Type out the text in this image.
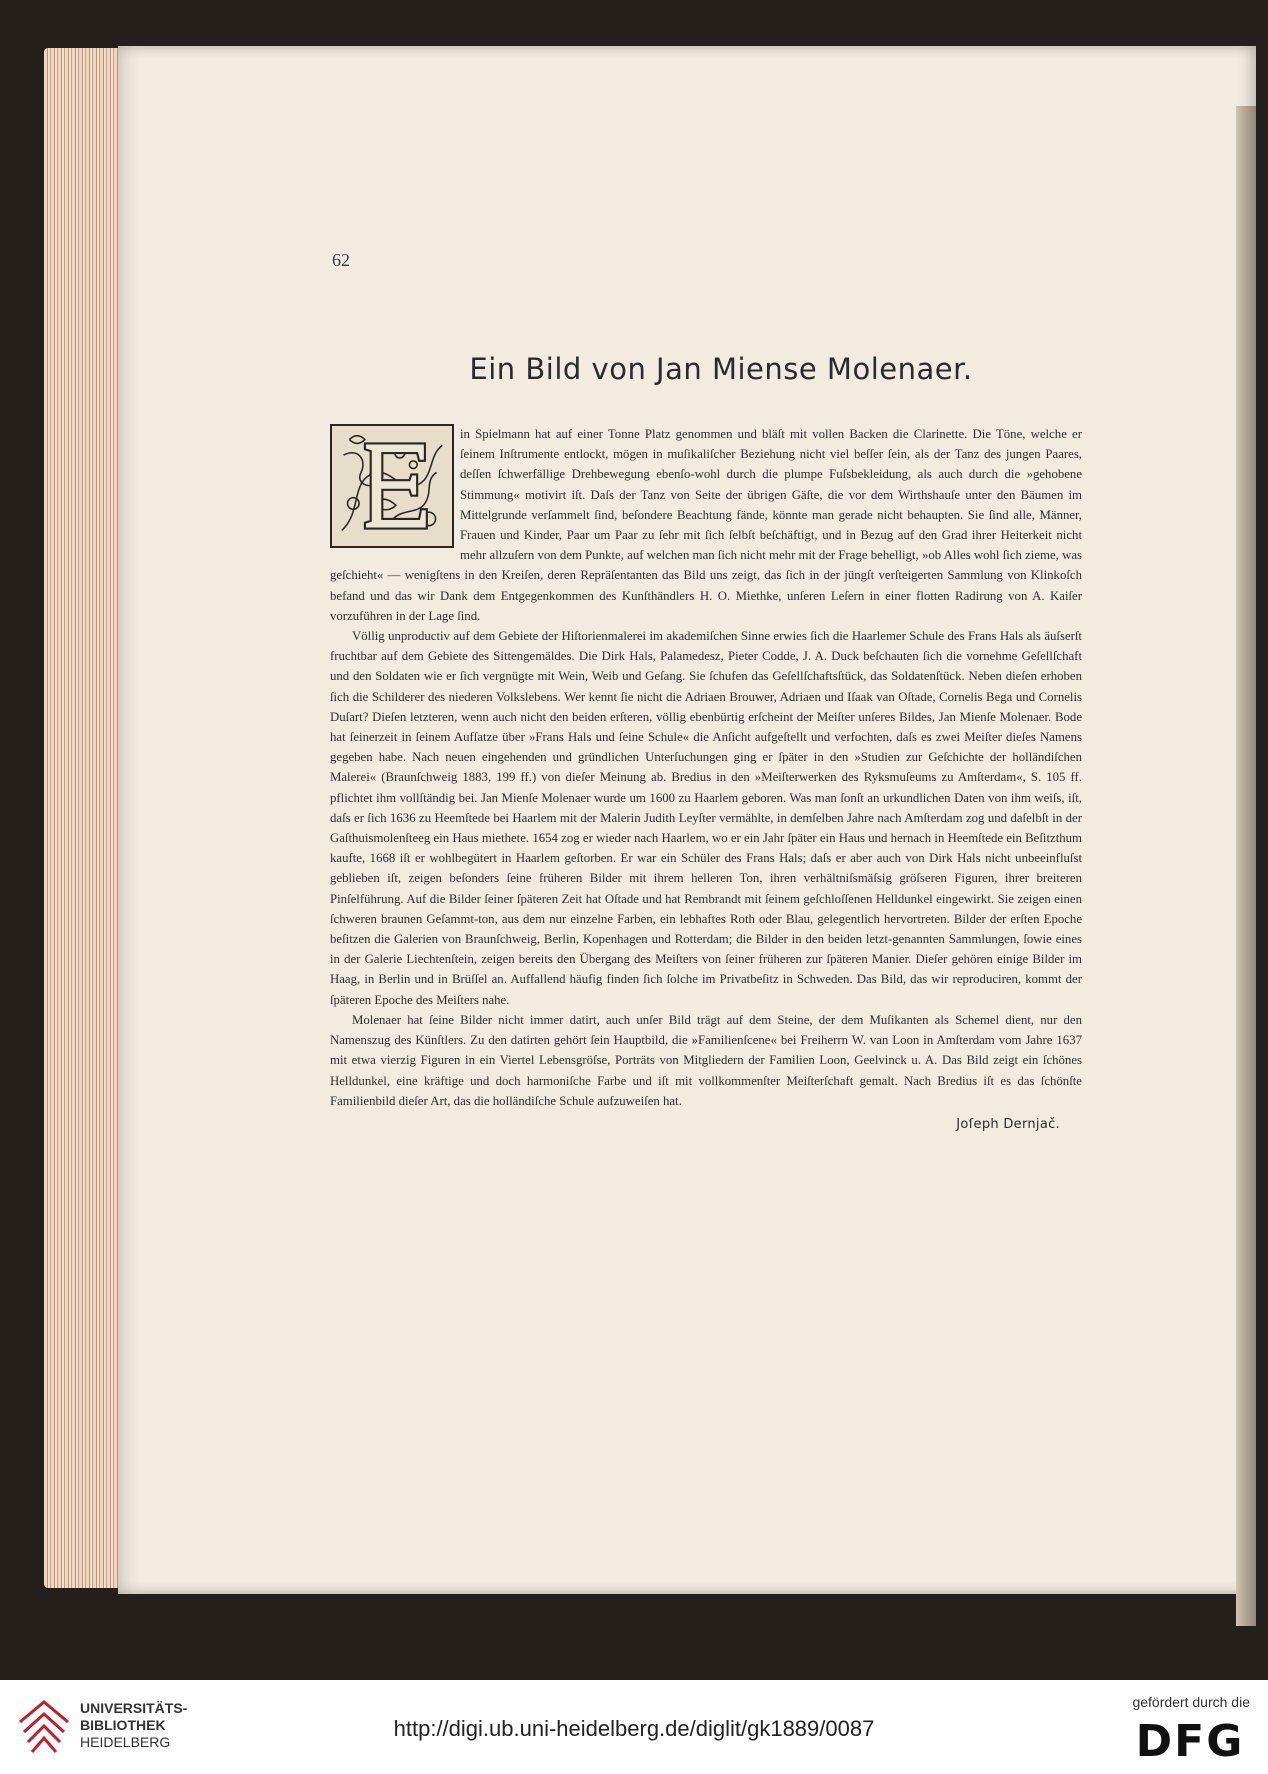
62
Ein Bild von Jan Miense Molenaer.

in Spielmann hat auf einer Tonne Platz genommen und bläſt mit vollen Backen die Clarinette. Die Töne, welche er ſeinem Inſtrumente entlockt, mögen in muſikaliſcher Beziehung nicht viel beſſer ſein, als der Tanz des jungen Paares, deſſen ſchwerfällige Drehbewegung ebenſo-wohl durch die plumpe Fuſsbekleidung, als auch durch die »gehobene Stimmung« motivirt iſt. Daſs der Tanz von Seite der übrigen Gäſte, die vor dem Wirthshauſe unter den Bäumen im Mittelgrunde verſammelt ſind, beſondere Beachtung fände, könnte man gerade nicht behaupten. Sie ſind alle, Männer, Frauen und Kinder, Paar um Paar zu ſehr mit ſich ſelbſt beſchäftigt, und in Bezug auf den Grad ihrer Heiterkeit nicht mehr allzuſern von dem Punkte, auf welchen man ſich nicht mehr mit der Frage behelligt, »ob Alles wohl ſich zieme, was geſchieht« — wenigſtens in den Kreiſen, deren Repräſentanten das Bild uns zeigt, das ſich in der jüngſt verſteigerten Sammlung von Klinkoſch befand und das wir Dank dem Entgegenkommen des Kunſthändlers H. O. Miethke, unſeren Leſern in einer flotten Radirung von A. Kaiſer vorzuführen in der Lage ſind.

Völlig unproductiv auf dem Gebiete der Hiſtorienmalerei im akademiſchen Sinne erwies ſich die Haarlemer Schule des Frans Hals als äuſserſt fruchtbar auf dem Gebiete des Sittengemäldes. Die Dirk Hals, Palamedesz, Pieter Codde, J. A. Duck beſchauten ſich die vornehme Geſellſchaft und den Soldaten wie er ſich vergnügte mit Wein, Weib und Geſang. Sie ſchufen das Geſellſchaftsſtück, das Soldatenſtück. Neben dieſen erhoben ſich die Schilderer des niederen Volkslebens. Wer kennt ſie nicht die Adriaen Brouwer, Adriaen und Iſaak van Oſtade, Cornelis Bega und Cornelis Duſart? Dieſen letzteren, wenn auch nicht den beiden erſteren, völlig ebenbürtig erſcheint der Meiſter unſeres Bildes, Jan Mienſe Molenaer. Bode hat ſeinerzeit in ſeinem Aufſatze über »Frans Hals und ſeine Schule« die Anſicht aufgeſtellt und verfochten, daſs es zwei Meiſter dieſes Namens gegeben habe. Nach neuen eingehenden und gründlichen Unterſuchungen ging er ſpäter in den »Studien zur Geſchichte der holländiſchen Malerei« (Braunſchweig 1883, 199 ff.) von dieſer Meinung ab. Bredius in den »Meiſterwerken des Ryksmuſeums zu Amſterdam«, S. 105 ff. pflichtet ihm vollſtändig bei. Jan Mienſe Molenaer wurde um 1600 zu Haarlem geboren. Was man ſonſt an urkundlichen Daten von ihm weiſs, iſt, daſs er ſich 1636 zu Heemſtede bei Haarlem mit der Malerin Judith Leyſter vermählte, in demſelben Jahre nach Amſterdam zog und daſelbſt in der Gaſthuismolenſteeg ein Haus miethete. 1654 zog er wieder nach Haarlem, wo er ein Jahr ſpäter ein Haus und hernach in Heemſtede ein Beſitzthum kaufte, 1668 iſt er wohlbegütert in Haarlem geſtorben. Er war ein Schüler des Frans Hals; daſs er aber auch von Dirk Hals nicht unbeeinfluſst geblieben iſt, zeigen beſonders ſeine früheren Bilder mit ihrem helleren Ton, ihren verhältniſsmäſsig gröſseren Figuren, ihrer breiteren Pinſelführung. Auf die Bilder ſeiner ſpäteren Zeit hat Oſtade und hat Rembrandt mit ſeinem geſchloſſenen Helldunkel eingewirkt. Sie zeigen einen ſchweren braunen Geſammt-ton, aus dem nur einzelne Farben, ein lebhaftes Roth oder Blau, gelegentlich hervortreten. Bilder der erſten Epoche beſitzen die Galerien von Braunſchweig, Berlin, Kopenhagen und Rotterdam; die Bilder in den beiden letzt-genannten Sammlungen, ſowie eines in der Galerie Liechtenſtein, zeigen bereits den Übergang des Meiſters von ſeiner früheren zur ſpäteren Manier. Dieſer gehören einige Bilder im Haag, in Berlin und in Brüſſel an. Auffallend häufig finden ſich ſolche im Privatbeſitz in Schweden. Das Bild, das wir reproduciren, kommt der ſpäteren Epoche des Meiſters nahe.

Molenaer hat ſeine Bilder nicht immer datirt, auch unſer Bild trägt auf dem Steine, der dem Muſikanten als Schemel dient, nur den Namenszug des Künſtlers. Zu den datirten gehört ſein Hauptbild, die »Familienſcene« bei Freiherrn W. van Loon in Amſterdam vom Jahre 1637 mit etwa vierzig Figuren in ein Viertel Lebensgröſse, Porträts von Mitgliedern der Familien Loon, Geelvinck u. A. Das Bild zeigt ein ſchönes Helldunkel, eine kräftige und doch harmoniſche Farbe und iſt mit vollkommenſter Meiſterſchaft gemalt. Nach Bredius iſt es das ſchönſte Familienbild dieſer Art, das die holländiſche Schule aufzuweiſen hat.

Joſeph Dernjač.
UNIVERSITÄTS-
BIBLIOTHEK
HEIDELBERG
http://digi.ub.uni-heidelberg.de/diglit/gk1889/0087
gefördert durch die
DFG
